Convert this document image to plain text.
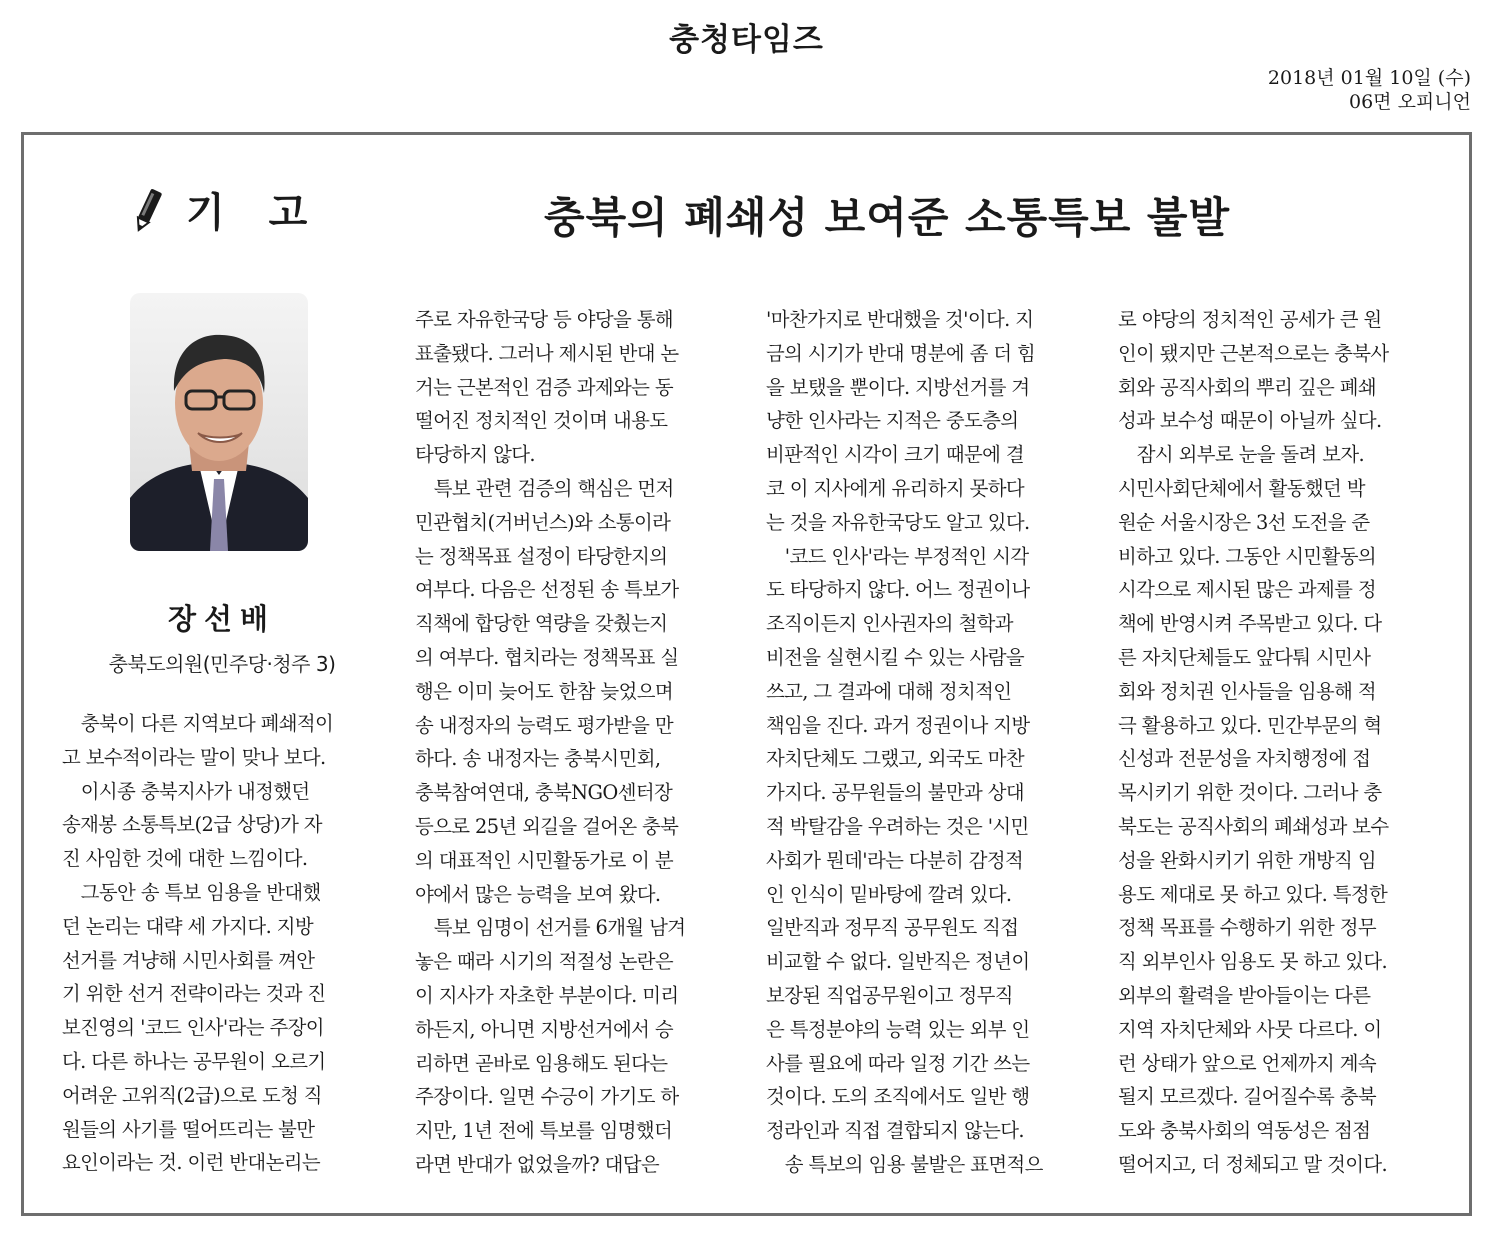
충청타임즈
2018년 01월 10일 (수)
06면 오피니언
기고	충북의 폐쇄성 보여준 소통특보 불발
장선배
충북도의원(민주당·청주 3)
　충북이 다른 지역보다 폐쇄적이
고 보수적이라는 말이 맞나 보다.
　이시종 충북지사가 내정했던
송재봉 소통특보(2급 상당)가 자
진 사임한 것에 대한 느낌이다.
　그동안 송 특보 임용을 반대했
던 논리는 대략 세 가지다. 지방
선거를 겨냥해 시민사회를 껴안
기 위한 선거 전략이라는 것과 진
보진영의 '코드 인사'라는 주장이
다. 다른 하나는 공무원이 오르기
어려운 고위직(2급)으로 도청 직
원들의 사기를 떨어뜨리는 불만
요인이라는 것. 이런 반대논리는
주로 자유한국당 등 야당을 통해
표출됐다. 그러나 제시된 반대 논
거는 근본적인 검증 과제와는 동
떨어진 정치적인 것이며 내용도
타당하지 않다.
　특보 관련 검증의 핵심은 먼저
민관협치(거버넌스)와 소통이라
는 정책목표 설정이 타당한지의
여부다. 다음은 선정된 송 특보가
직책에 합당한 역량을 갖췄는지
의 여부다. 협치라는 정책목표 실
행은 이미 늦어도 한참 늦었으며
송 내정자의 능력도 평가받을 만
하다. 송 내정자는 충북시민회,
충북참여연대, 충북NGO센터장
등으로 25년 외길을 걸어온 충북
의 대표적인 시민활동가로 이 분
야에서 많은 능력을 보여 왔다.
　특보 임명이 선거를 6개월 남겨
놓은 때라 시기의 적절성 논란은
이 지사가 자초한 부분이다. 미리
하든지, 아니면 지방선거에서 승
리하면 곧바로 임용해도 된다는
주장이다. 일면 수긍이 가기도 하
지만, 1년 전에 특보를 임명했더
라면 반대가 없었을까? 대답은
'마찬가지로 반대했을 것'이다. 지
금의 시기가 반대 명분에 좀 더 힘
을 보탰을 뿐이다. 지방선거를 겨
냥한 인사라는 지적은 중도층의
비판적인 시각이 크기 때문에 결
코 이 지사에게 유리하지 못하다
는 것을 자유한국당도 알고 있다.
　'코드 인사'라는 부정적인 시각
도 타당하지 않다. 어느 정권이나
조직이든지 인사권자의 철학과
비전을 실현시킬 수 있는 사람을
쓰고, 그 결과에 대해 정치적인
책임을 진다. 과거 정권이나 지방
자치단체도 그랬고, 외국도 마찬
가지다. 공무원들의 불만과 상대
적 박탈감을 우려하는 것은 '시민
사회가 뭔데'라는 다분히 감정적
인 인식이 밑바탕에 깔려 있다.
일반직과 정무직 공무원도 직접
비교할 수 없다. 일반직은 정년이
보장된 직업공무원이고 정무직
은 특정분야의 능력 있는 외부 인
사를 필요에 따라 일정 기간 쓰는
것이다. 도의 조직에서도 일반 행
정라인과 직접 결합되지 않는다.
　송 특보의 임용 불발은 표면적으
로 야당의 정치적인 공세가 큰 원
인이 됐지만 근본적으로는 충북사
회와 공직사회의 뿌리 깊은 폐쇄
성과 보수성 때문이 아닐까 싶다.
　잠시 외부로 눈을 돌려 보자.
시민사회단체에서 활동했던 박
원순 서울시장은 3선 도전을 준
비하고 있다. 그동안 시민활동의
시각으로 제시된 많은 과제를 정
책에 반영시켜 주목받고 있다. 다
른 자치단체들도 앞다퉈 시민사
회와 정치권 인사들을 임용해 적
극 활용하고 있다. 민간부문의 혁
신성과 전문성을 자치행정에 접
목시키기 위한 것이다. 그러나 충
북도는 공직사회의 폐쇄성과 보수
성을 완화시키기 위한 개방직 임
용도 제대로 못 하고 있다. 특정한
정책 목표를 수행하기 위한 정무
직 외부인사 임용도 못 하고 있다.
외부의 활력을 받아들이는 다른
지역 자치단체와 사뭇 다르다. 이
런 상태가 앞으로 언제까지 계속
될지 모르겠다. 길어질수록 충북
도와 충북사회의 역동성은 점점
떨어지고, 더 정체되고 말 것이다.
